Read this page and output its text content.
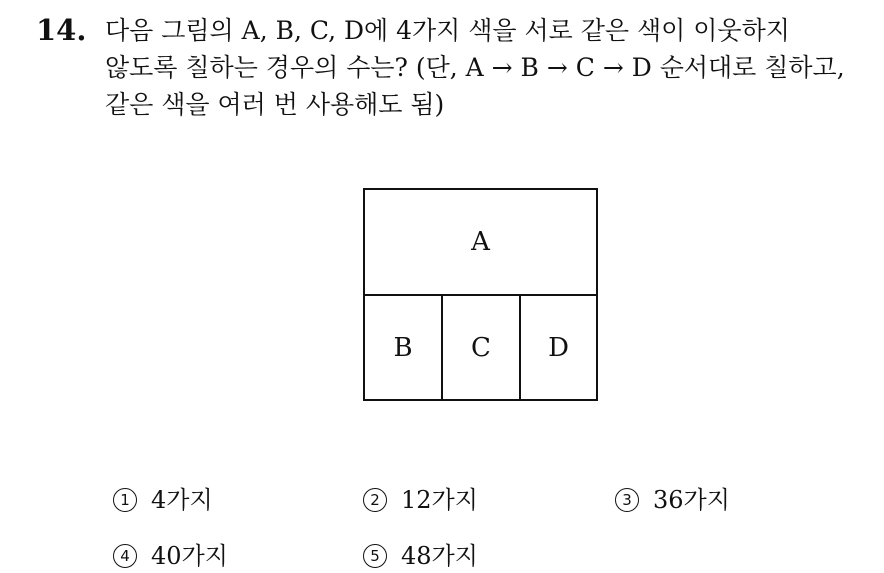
14. 다음 그림의 A, B, C, D에 4가지 색을 서로 같은 색이 이웃하지
않도록 칠하는 경우의 수는? (단, A → B → C → D 순서대로 칠하고,
같은 색을 여러 번 사용해도 됨)
A
B	C	D
1 4가지	2 12가지	3 36가지
4 40가지	5 48가지
